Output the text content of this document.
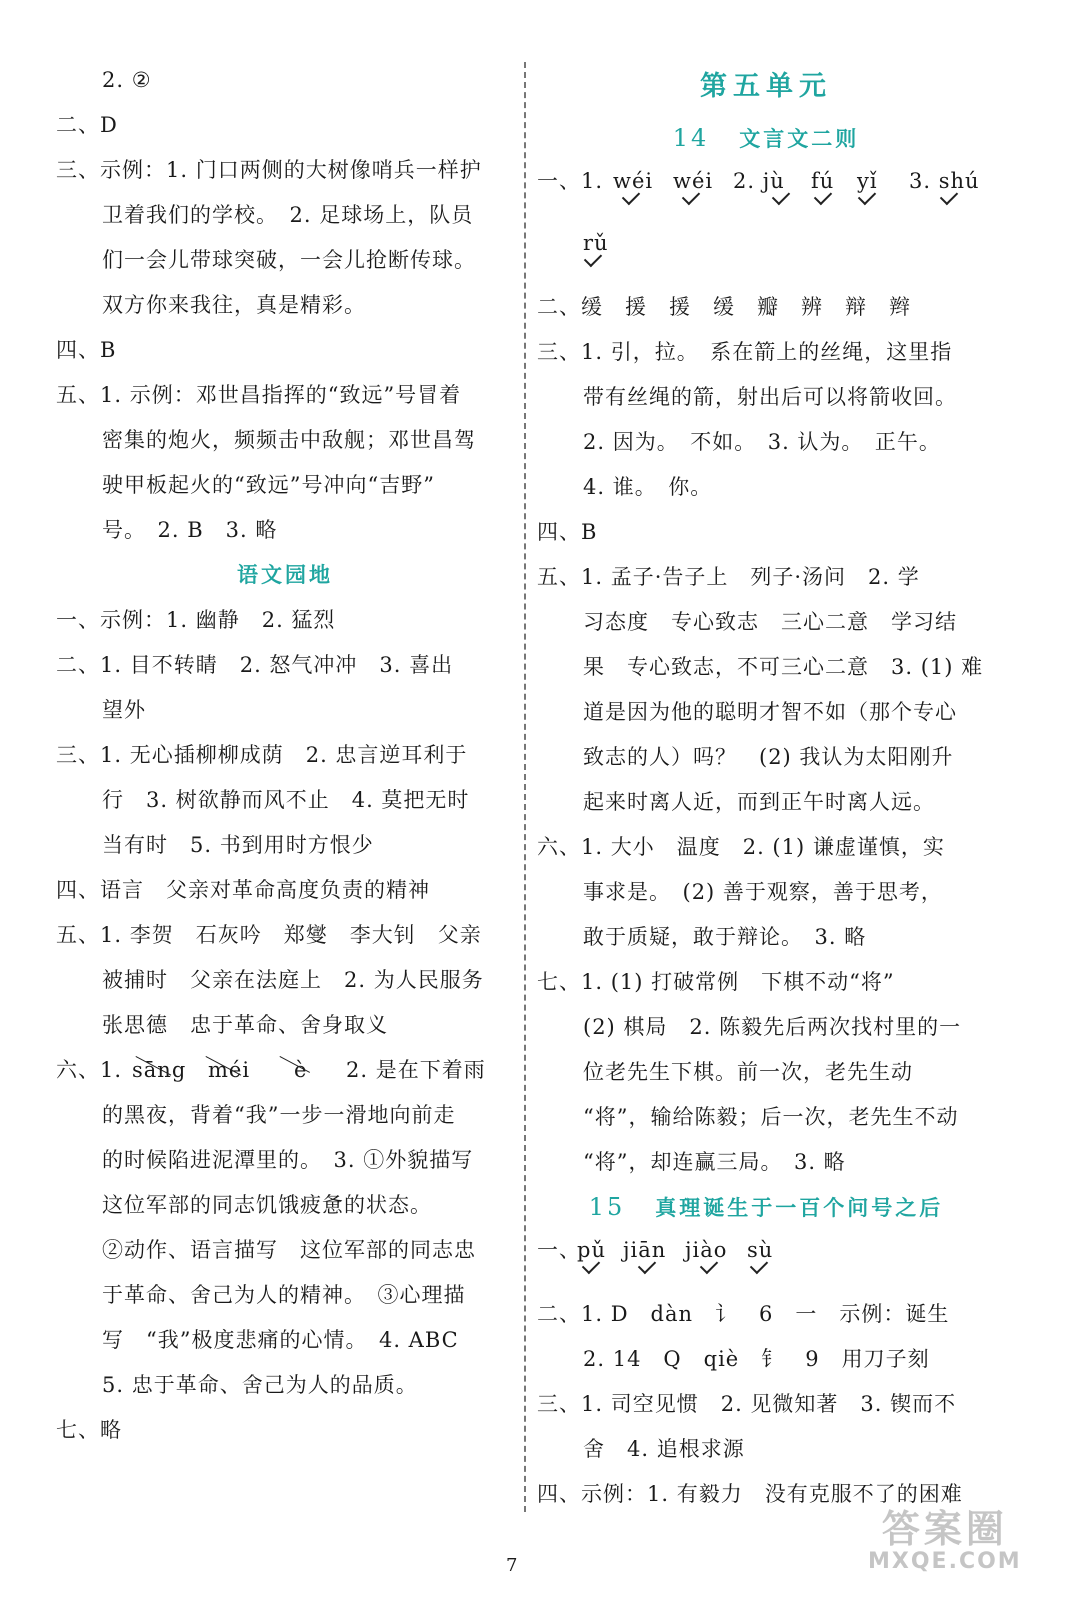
2. ②
二、D
三、示例：1. 门口两侧的大树像哨兵一样护
卫着我们的学校。　2. 足球场上，队员
们一会儿带球突破，一会儿抢断传球。
双方你来我往，真是精彩。
四、B
五、1. 示例：邓世昌指挥的“致远”号冒着
密集的炮火，频频击中敌舰；邓世昌驾
驶甲板起火的“致远”号冲向“吉野”
号。　2. B　3. 略
语文园地
一、示例：1. 幽静　2. 猛烈
二、1. 目不转睛　2. 怒气冲冲　3. 喜出
望外
三、1. 无心插柳柳成荫　2. 忠言逆耳利于
行　3. 树欲静而风不止　4. 莫把无时
当有时　5. 书到用时方恨少
四、语言　父亲对革命高度负责的精神
五、1. 李贺　石灰吟　郑燮　李大钊　父亲
被捕时　父亲在法庭上　2. 为人民服务
张思德　忠于革命、舍身取义
六、1. sāng méi è 2. 是在下着雨
的黑夜，背着“我”一步一滑地向前走
的时候陷进泥潭里的。　3. ①外貌描写
这位军部的同志饥饿疲惫的状态。
②动作、语言描写　这位军部的同志忠
于革命、舍己为人的精神。　③心理描
写　“我”极度悲痛的心情。　4. ABC
5. 忠于革命、舍己为人的品质。
七、略
第五单元
14 文言文二则
一、1. wéi wéi 2. jù fú yǐ 3. shú
rǔ
二、缓　援　援　缓　瓣　辨　辩　辫
三、1. 引，拉。　系在箭上的丝绳，这里指
带有丝绳的箭，射出后可以将箭收回。
2. 因为。　不如。　3. 认为。　正午。
4. 谁。　你。
四、B
五、1. 孟子·告子上　列子·汤问　2. 学
习态度　专心致志　三心二意　学习结
果　专心致志，不可三心二意　3. (1) 难
道是因为他的聪明才智不如（那个专心
致志的人）吗？　(2) 我认为太阳刚升
起来时离人近，而到正午时离人远。
六、1. 大小　温度　2. (1) 谦虚谨慎，实
事求是。　(2) 善于观察，善于思考，
敢于质疑，敢于辩论。　3. 略
七、1. (1) 打破常例　下棋不动“将”
(2) 棋局　2. 陈毅先后两次找村里的一
位老先生下棋。前一次，老先生动
“将”，输给陈毅；后一次，老先生不动
“将”，却连赢三局。　3. 略
15 真理诞生于一百个问号之后
一、
pǔ jiān jiào sù
二、1. D　dàn　讠　6　一　示例：诞生
2. 14　Q　qiè　钅　9　用刀子刻
三、1. 司空见惯　2. 见微知著　3. 锲而不
舍　4. 追根求源
四、示例：1. 有毅力　没有克服不了的困难
7
答案圈
MXQE.COM
